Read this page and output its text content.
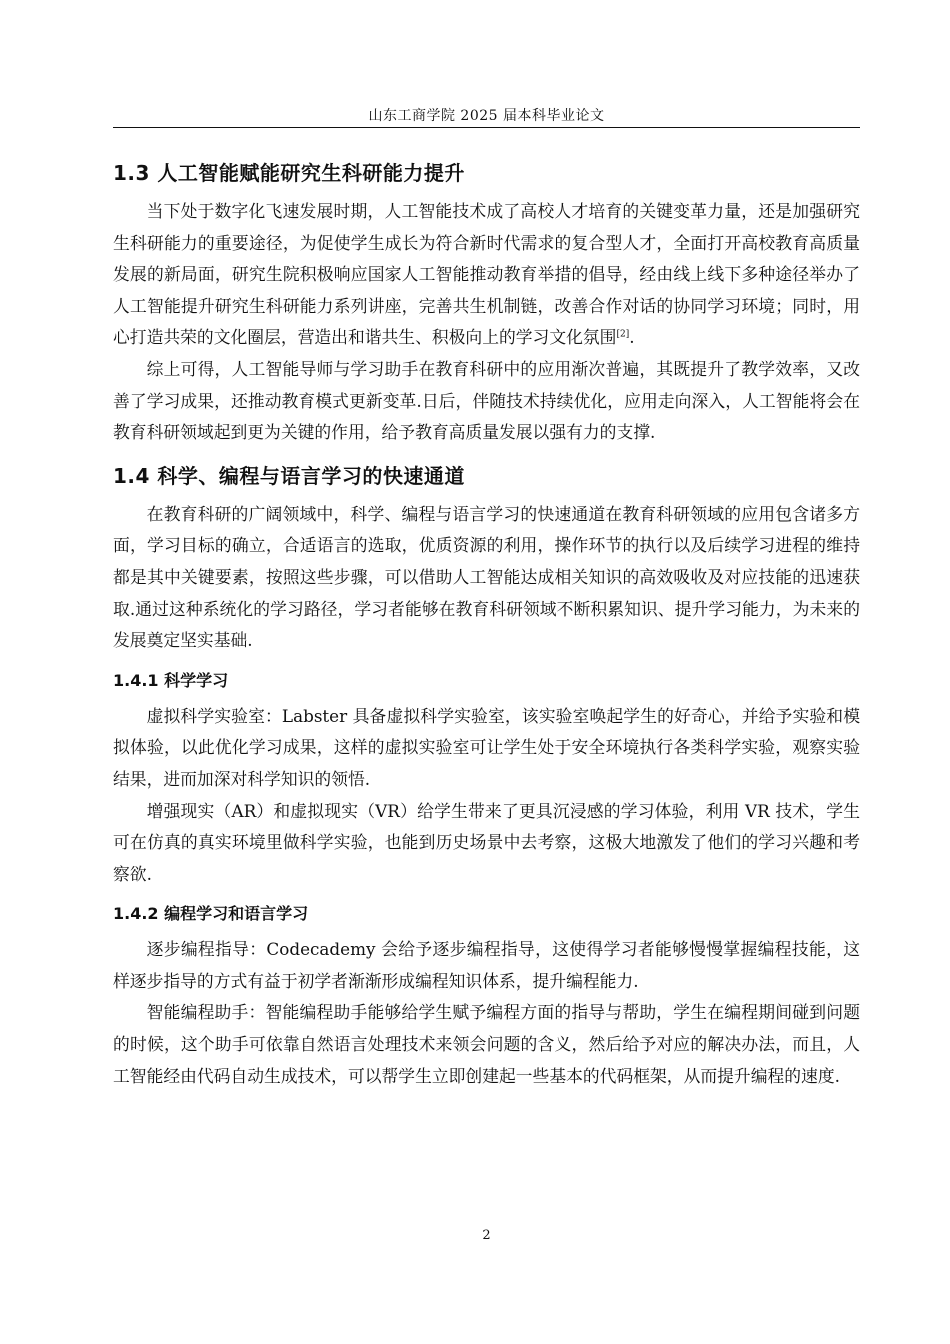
山东工商学院 2025 届本科毕业论文
1.3 人工智能赋能研究生科研能力提升

当下处于数字化飞速发展时期，人工智能技术成了高校人才培育的关键变革力量，还是加强研究生科研能力的重要途径，为促使学生成长为符合新时代需求的复合型人才，全面打开高校教育高质量发展的新局面，研究生院积极响应国家人工智能推动教育举措的倡导，经由线上线下多种途径举办了人工智能提升研究生科研能力系列讲座，完善共生机制链，改善合作对话的协同学习环境；同时，用心打造共荣的文化圈层，营造出和谐共生、积极向上的学习文化氛围[2].

综上可得，人工智能导师与学习助手在教育科研中的应用渐次普遍，其既提升了教学效率，又改善了学习成果，还推动教育模式更新变革.日后，伴随技术持续优化，应用走向深入，人工智能将会在教育科研领域起到更为关键的作用，给予教育高质量发展以强有力的支撑.

1.4 科学、编程与语言学习的快速通道

在教育科研的广阔领域中，科学、编程与语言学习的快速通道在教育科研领域的应用包含诸多方面，学习目标的确立，合适语言的选取，优质资源的利用，操作环节的执行以及后续学习进程的维持都是其中关键要素，按照这些步骤，可以借助人工智能达成相关知识的高效吸收及对应技能的迅速获取.通过这种系统化的学习路径，学习者能够在教育科研领域不断积累知识、提升学习能力，为未来的发展奠定坚实基础.

1.4.1 科学学习

虚拟科学实验室：Labster 具备虚拟科学实验室，该实验室唤起学生的好奇心，并给予实验和模拟体验，以此优化学习成果，这样的虚拟实验室可让学生处于安全环境执行各类科学实验，观察实验结果，进而加深对科学知识的领悟.

增强现实（AR）和虚拟现实（VR）给学生带来了更具沉浸感的学习体验，利用 VR 技术，学生可在仿真的真实环境里做科学实验，也能到历史场景中去考察，这极大地激发了他们的学习兴趣和考察欲.

1.4.2 编程学习和语言学习

逐步编程指导：Codecademy 会给予逐步编程指导，这使得学习者能够慢慢掌握编程技能，这样逐步指导的方式有益于初学者渐渐形成编程知识体系，提升编程能力.

智能编程助手：智能编程助手能够给学生赋予编程方面的指导与帮助，学生在编程期间碰到问题的时候，这个助手可依靠自然语言处理技术来领会问题的含义，然后给予对应的解决办法，而且，人工智能经由代码自动生成技术，可以帮学生立即创建起一些基本的代码框架，从而提升编程的速度.

2
